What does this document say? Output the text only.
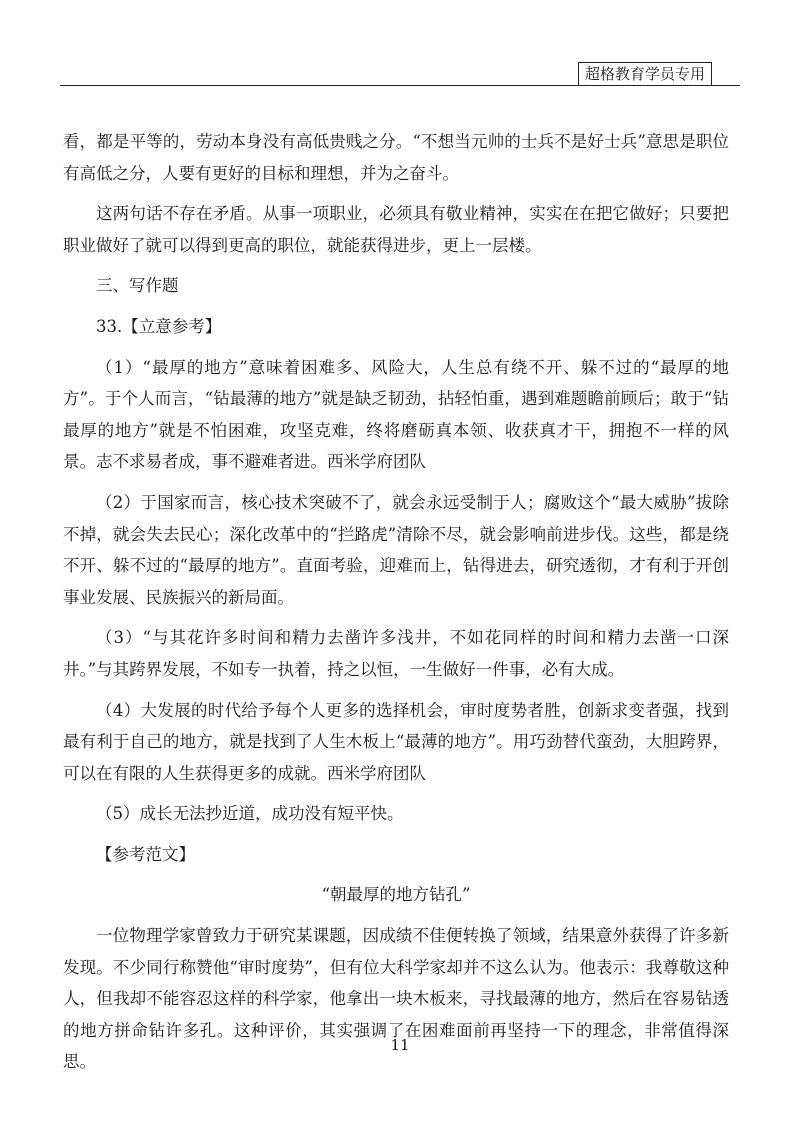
超格教育学员专用

看，都是平等的，劳动本身没有高低贵贱之分。“不想当元帅的士兵不是好士兵”意思是职位有高低之分，人要有更好的目标和理想，并为之奋斗。

这两句话不存在矛盾。从事一项职业，必须具有敬业精神，实实在在把它做好；只要把职业做好了就可以得到更高的职位，就能获得进步，更上一层楼。

三、写作题

33.【立意参考】

（1）“最厚的地方”意味着困难多、风险大，人生总有绕不开、躲不过的“最厚的地方”。于个人而言，“钻最薄的地方”就是缺乏韧劲，拈轻怕重，遇到难题瞻前顾后；敢于“钻最厚的地方”就是不怕困难，攻坚克难，终将磨砺真本领、收获真才干，拥抱不一样的风景。志不求易者成，事不避难者进。西米学府团队

（2）于国家而言，核心技术突破不了，就会永远受制于人；腐败这个“最大威胁”拔除不掉，就会失去民心；深化改革中的“拦路虎”清除不尽，就会影响前进步伐。这些，都是绕不开、躲不过的“最厚的地方”。直面考验，迎难而上，钻得进去，研究透彻，才有利于开创事业发展、民族振兴的新局面。

（3）“与其花许多时间和精力去凿许多浅井，不如花同样的时间和精力去凿一口深井。”与其跨界发展，不如专一执着，持之以恒，一生做好一件事，必有大成。

（4）大发展的时代给予每个人更多的选择机会，审时度势者胜，创新求变者强，找到最有利于自己的地方，就是找到了人生木板上“最薄的地方”。用巧劲替代蛮劲，大胆跨界，可以在有限的人生获得更多的成就。西米学府团队

（5）成长无法抄近道，成功没有短平快。

【参考范文】

“朝最厚的地方钻孔”

一位物理学家曾致力于研究某课题，因成绩不佳便转换了领域，结果意外获得了许多新发现。不少同行称赞他“审时度势”，但有位大科学家却并不这么认为。他表示：我尊敬这种人，但我却不能容忍这样的科学家，他拿出一块木板来，寻找最薄的地方，然后在容易钻透的地方拼命钻许多孔。这种评价，其实强调了在困难面前再坚持一下的理念，非常值得深思。

11
